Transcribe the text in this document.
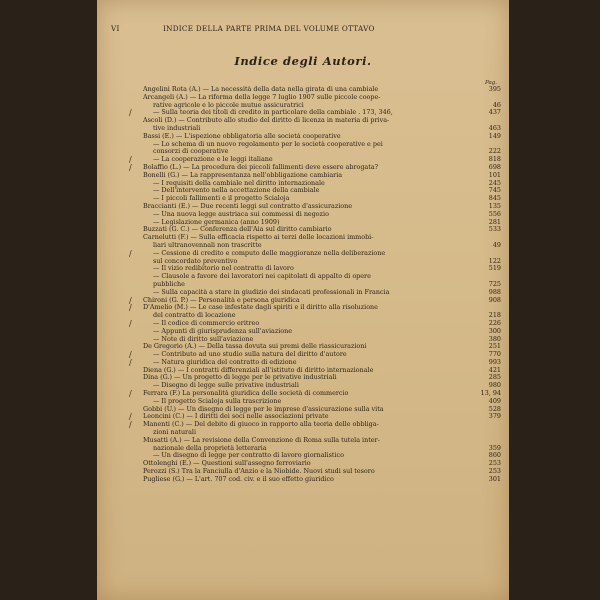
VI	INDICE DELLA PARTE PRIMA DEL VOLUME OTTAVO
Indice degli Autori.
Pag.
Angelini Rota (A.) — La necessità della data nella girata di una cambiale	395
Arcangeli (A.) — La riforma della legge 7 luglio 1907 sulle piccole coope-
rative agricole e lo piccole mutue assicuratrici	46
/	— Sulla teoria dei titoli di credito in particolare della cambiale . 173, 346,	437
Ascoli (D.) — Contributo allo studio del diritto di licenza in materia di priva-
tive industriali	463
Bassi (E.) — L'ispezione obbligatoria alle società cooperative	149
— Lo schema di un nuovo regolamento per le società cooperative e pei
consorzi di cooperative	222
/	— La cooperazione e le leggi italiane	818
/ Bolaffio (L.) — La procedura dei piccoli fallimenti deve essere abrogata?	698
Bonelli (G.) — La rappresentanza nell'obbligazione cambiaria	101
— I requisiti della cambiale nel diritto internazionale	245
— Dell'intervento nella accettazione della cambiale	745
— I piccoli fallimenti e il progetto Scialoja	845
Braccianti (E.) — Due recenti leggi sul contratto d'assicurazione	135
— Una nuova legge austriaca sui commessi di negozio	556
— Legislazione germanica (anno 1909)	281
Buzzati (G. C.) — Conferenza dell'Aia sul diritto cambiario	533
Carnelutti (F.) — Sulla efficacia rispetto ai terzi delle locazioni immobi-
liari ultranovennali non trascritte	49
/	— Cessione di credito e computo delle maggioranze nella deliberazione
sul concordato preventivo	122
— Il vizio redibitorio nel contratto di lavoro	519
— Clausole a favore dei lavoratori nei capitolati di appalto di opere
pubbliche	725
— Sulla capacità a stare in giudizio dei sindacati professionali in Francia	988
/ Chironi (G. P.) — Personalità e persona giuridica	908
/ D'Amelio (M.) — Le case infestate dagli spiriti e il diritto alla risoluzione
del contratto di locazione	218
/	— Il codice di commercio eritreo	226
— Appunti di giurisprudenza sull'aviazione	300
— Note di diritto sull'aviazione	380
De Gregorio (A.) — Della tassa dovuta sui premi delle riassicurazioni	251
/	— Contributo ad uno studio sulla natura del diritto d'autore	770
/	— Natura giuridica del contratto di edizione	993
Diena (G.) — I contratti differenziali all'istituto di diritto internazionale	421
Dina (G.) — Un progetto di legge per le privative industriali	285
— Disegno di legge sulle privative industriali	980
/ Ferrara (F.) La personalità giuridica delle società di commercio	13, 94
— Il progetto Scialoja sulla trascrizione	409
Gobbi (U.) — Un disegno di legge per le imprese d'assicurazione sulla vita	528
/ Leoncini (C.) — I diritti dei soci nelle associazioni private	379
/ Manenti (C.) — Del debito di giuoco in rapporto alla teoria delle obbliga-
zioni naturali
Musatti (A.) — La revisione della Convenzione di Roma sulla tutela inter-
nazionale della proprietà letteraria	359
— Un disegno di legge per contratto di lavoro giornalistico	860
Ottolenghi (E.) — Questioni sull'assegno ferroviario	253
Perozzi (S.) Tra la Fanciulla d'Anzio e la Niobide. Nuovi studi sul tesoro	253
Pugliese (G.) — L'art. 707 cod. civ. e il suo effetto giuridico	301
